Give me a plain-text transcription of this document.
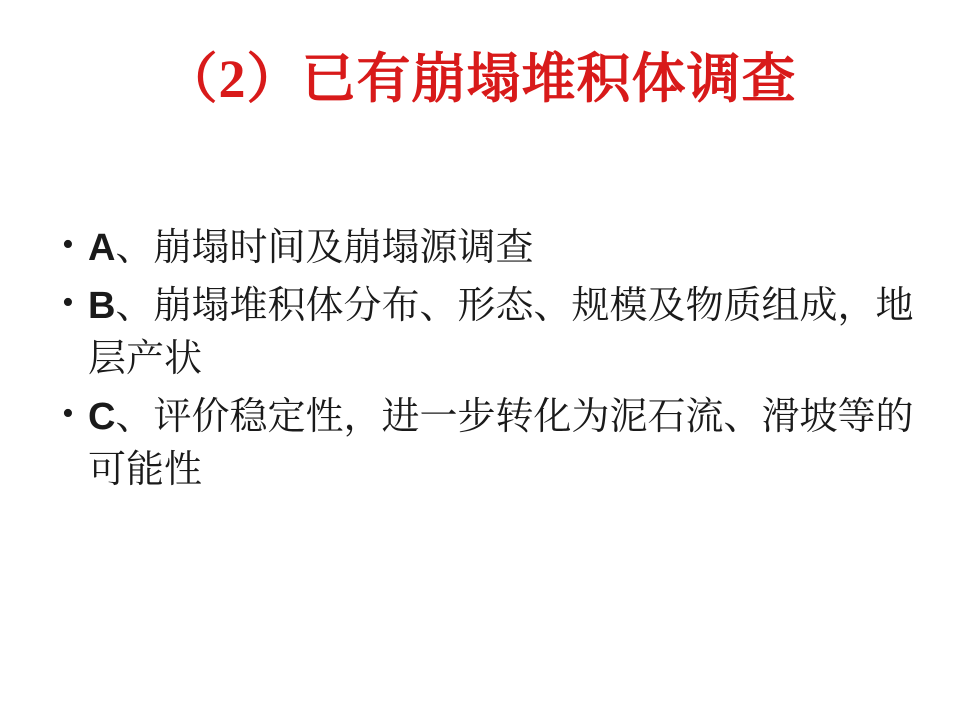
（2）已有崩塌堆积体调查
• A、崩塌时间及崩塌源调查
• B、崩塌堆积体分布、形态、规模及物质组成，地层产状
• C、评价稳定性，进一步转化为泥石流、滑坡等的可能性
